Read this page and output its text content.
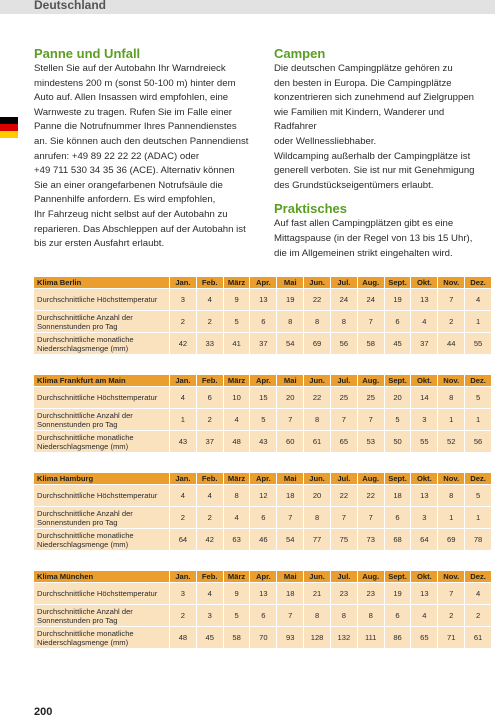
Deutschland

Panne und Unfall

Stellen Sie auf der Autobahn Ihr Warndreieck
mindestens 200 m (sonst 50-100 m) hinter dem
Auto auf. Allen Insassen wird empfohlen, eine
Warnweste zu tragen. Rufen Sie im Falle einer
Panne die Notrufnummer Ihres Pannendienstes
an. Sie können auch den deutschen Pannendienst
anrufen: +49 89 22 22 22 (ADAC) oder
+49 711 530 34 35 36 (ACE). Alternativ können
Sie an einer orangefarbenen Notrufsäule die
Pannenhilfe anfordern. Es wird empfohlen,
Ihr Fahrzeug nicht selbst auf der Autobahn zu
reparieren. Das Abschleppen auf der Autobahn ist
bis zur ersten Ausfahrt erlaubt.

Campen

Die deutschen Campingplätze gehören zu
den besten in Europa. Die Campingplätze
konzentrieren sich zunehmend auf Zielgruppen
wie Familien mit Kindern, Wanderer und Radfahrer
oder Wellnessliebhaber.
Wildcamping außerhalb der Campingplätze ist
generell verboten. Sie ist nur mit Genehmigung
des Grundstückseigentümers erlaubt.

Praktisches

Auf fast allen Campingplätzen gibt es eine
Mittagspause (in der Regel von 13 bis 15 Uhr),
die im Allgemeinen strikt eingehalten wird.

Klima Berlin	Jan.	Feb.	März	Apr.	Mai	Jun.	Jul.	Aug.	Sept.	Okt.	Nov.	Dez.
Durchschnittliche Höchsttemperatur	3	4	9	13	19	22	24	24	19	13	7	4
Durchschnittliche Anzahl der Sonnenstunden pro Tag	2	2	5	6	8	8	8	7	6	4	2	1
Durchschnittliche monatliche Niederschlagsmenge (mm)	42	33	41	37	54	69	56	58	45	37	44	55
Klima Frankfurt am Main	Jan.	Feb.	März	Apr.	Mai	Jun.	Jul.	Aug.	Sept.	Okt.	Nov.	Dez.
Durchschnittliche Höchsttemperatur	4	6	10	15	20	22	25	25	20	14	8	5
Durchschnittliche Anzahl der Sonnenstunden pro Tag	1	2	4	5	7	8	7	7	5	3	1	1
Durchschnittliche monatliche Niederschlagsmenge (mm)	43	37	48	43	60	61	65	53	50	55	52	56
Klima Hamburg	Jan.	Feb.	März	Apr.	Mai	Jun.	Jul.	Aug.	Sept.	Okt.	Nov.	Dez.
Durchschnittliche Höchsttemperatur	4	4	8	12	18	20	22	22	18	13	8	5
Durchschnittliche Anzahl der Sonnenstunden pro Tag	2	2	4	6	7	8	7	7	6	3	1	1
Durchschnittliche monatliche Niederschlagsmenge (mm)	64	42	63	46	54	77	75	73	68	64	69	78
Klima München	Jan.	Feb.	März	Apr.	Mai	Jun.	Jul.	Aug.	Sept.	Okt.	Nov.	Dez.
Durchschnittliche Höchsttemperatur	3	4	9	13	18	21	23	23	19	13	7	4
Durchschnittliche Anzahl der Sonnenstunden pro Tag	2	3	5	6	7	8	8	8	6	4	2	2
Durchschnittliche monatliche Niederschlagsmenge (mm)	48	45	58	70	93	128	132	111	86	65	71	61
200
